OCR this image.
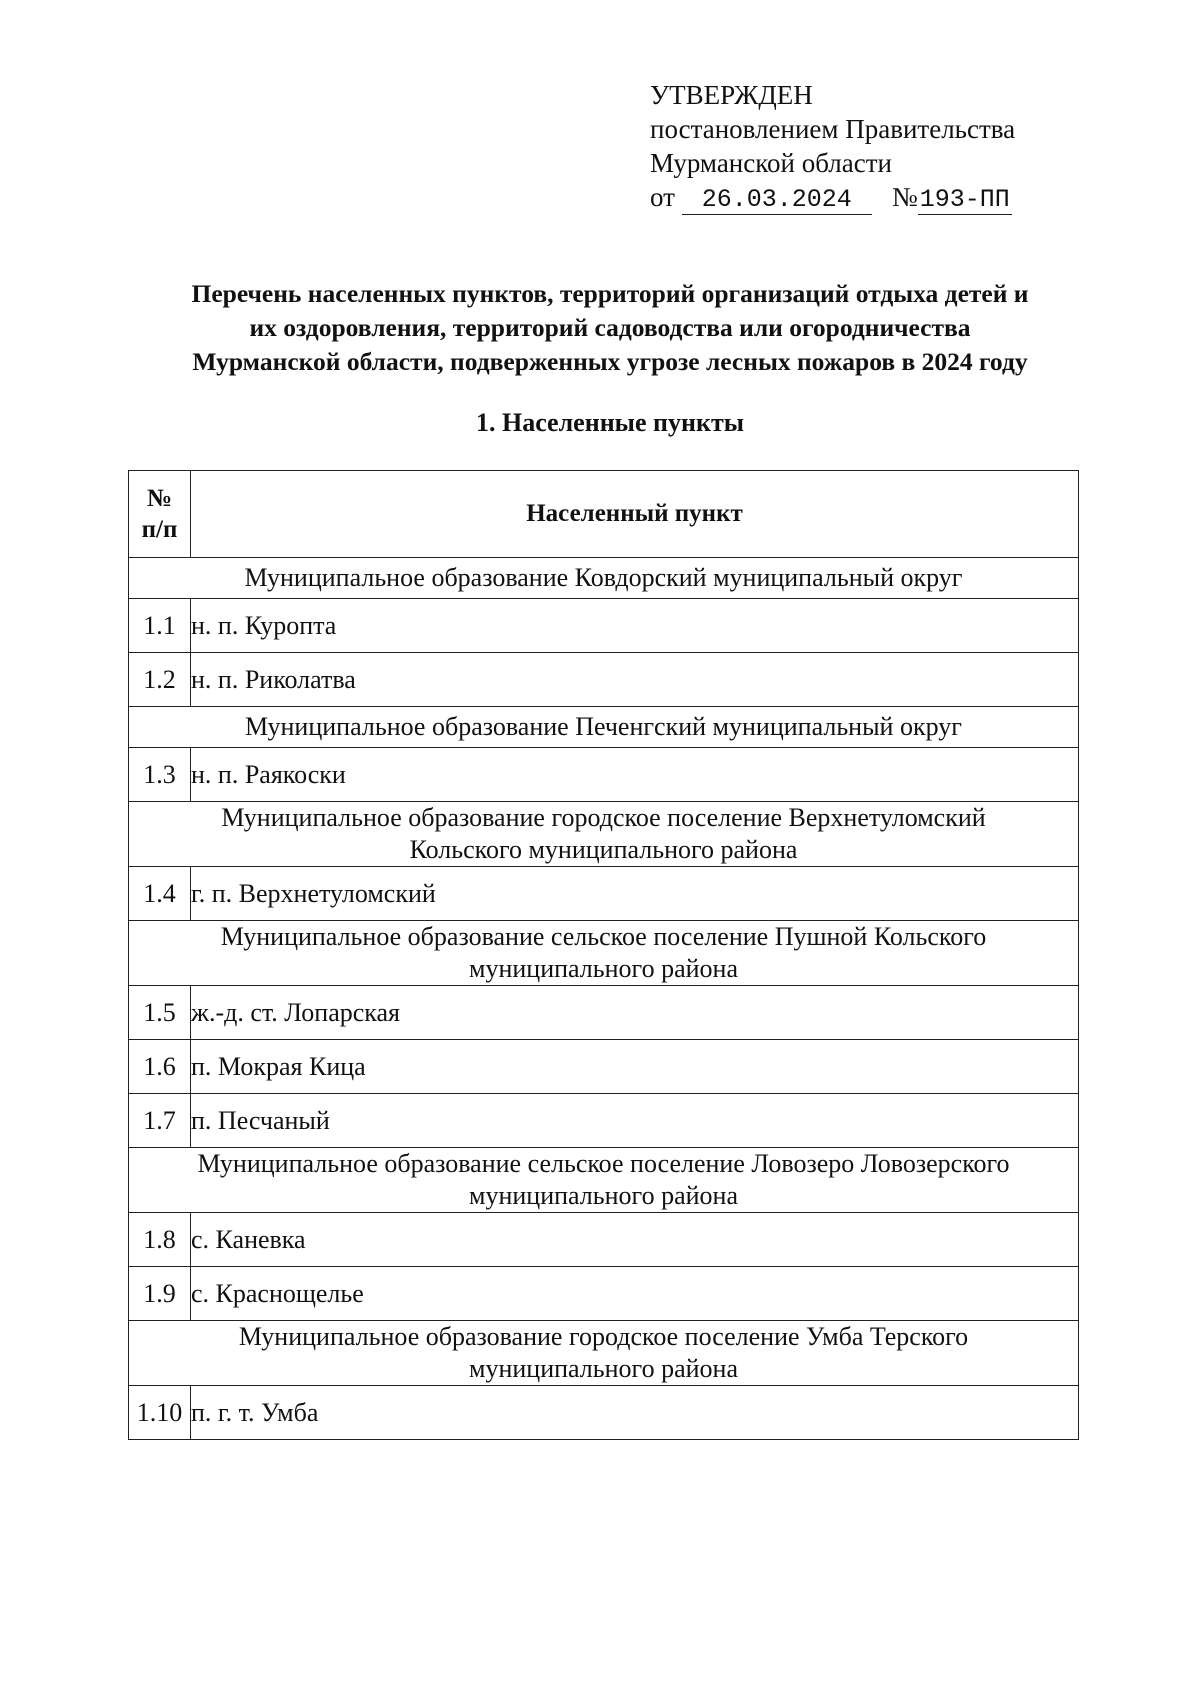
УТВЕРЖДЕН
постановлением Правительства
Мурманской области
от 26.03.2024 №193-ПП
Перечень населенных пунктов, территорий организаций отдыха детей и
их оздоровления, территорий садоводства или огородничества
Мурманской области, подверженных угрозе лесных пожаров в 2024 году
1. Населенные пункты
№
п/п	Населенный пункт
Муниципальное образование Ковдорский муниципальный округ	
1.1	н. п. Куропта
1.2	н. п. Риколатва
Муниципальное образование Печенгский муниципальный округ	
1.3	н. п. Раякоски

Муниципальное образование городское поселение Верхнетуломский
Кольского муниципального района	

1.4	г. п. Верхнетуломский

Муниципальное образование сельское поселение Пушной Кольского
муниципального района	

1.5	ж.-д. ст. Лопарская
1.6	п. Мокрая Кица
1.7	п. Песчаный

Муниципальное образование сельское поселение Ловозеро Ловозерского
муниципального района	

1.8	с. Каневка
1.9	с. Краснощелье

Муниципальное образование городское поселение Умба Терского
муниципального района	

1.10	п. г. т. Умба
